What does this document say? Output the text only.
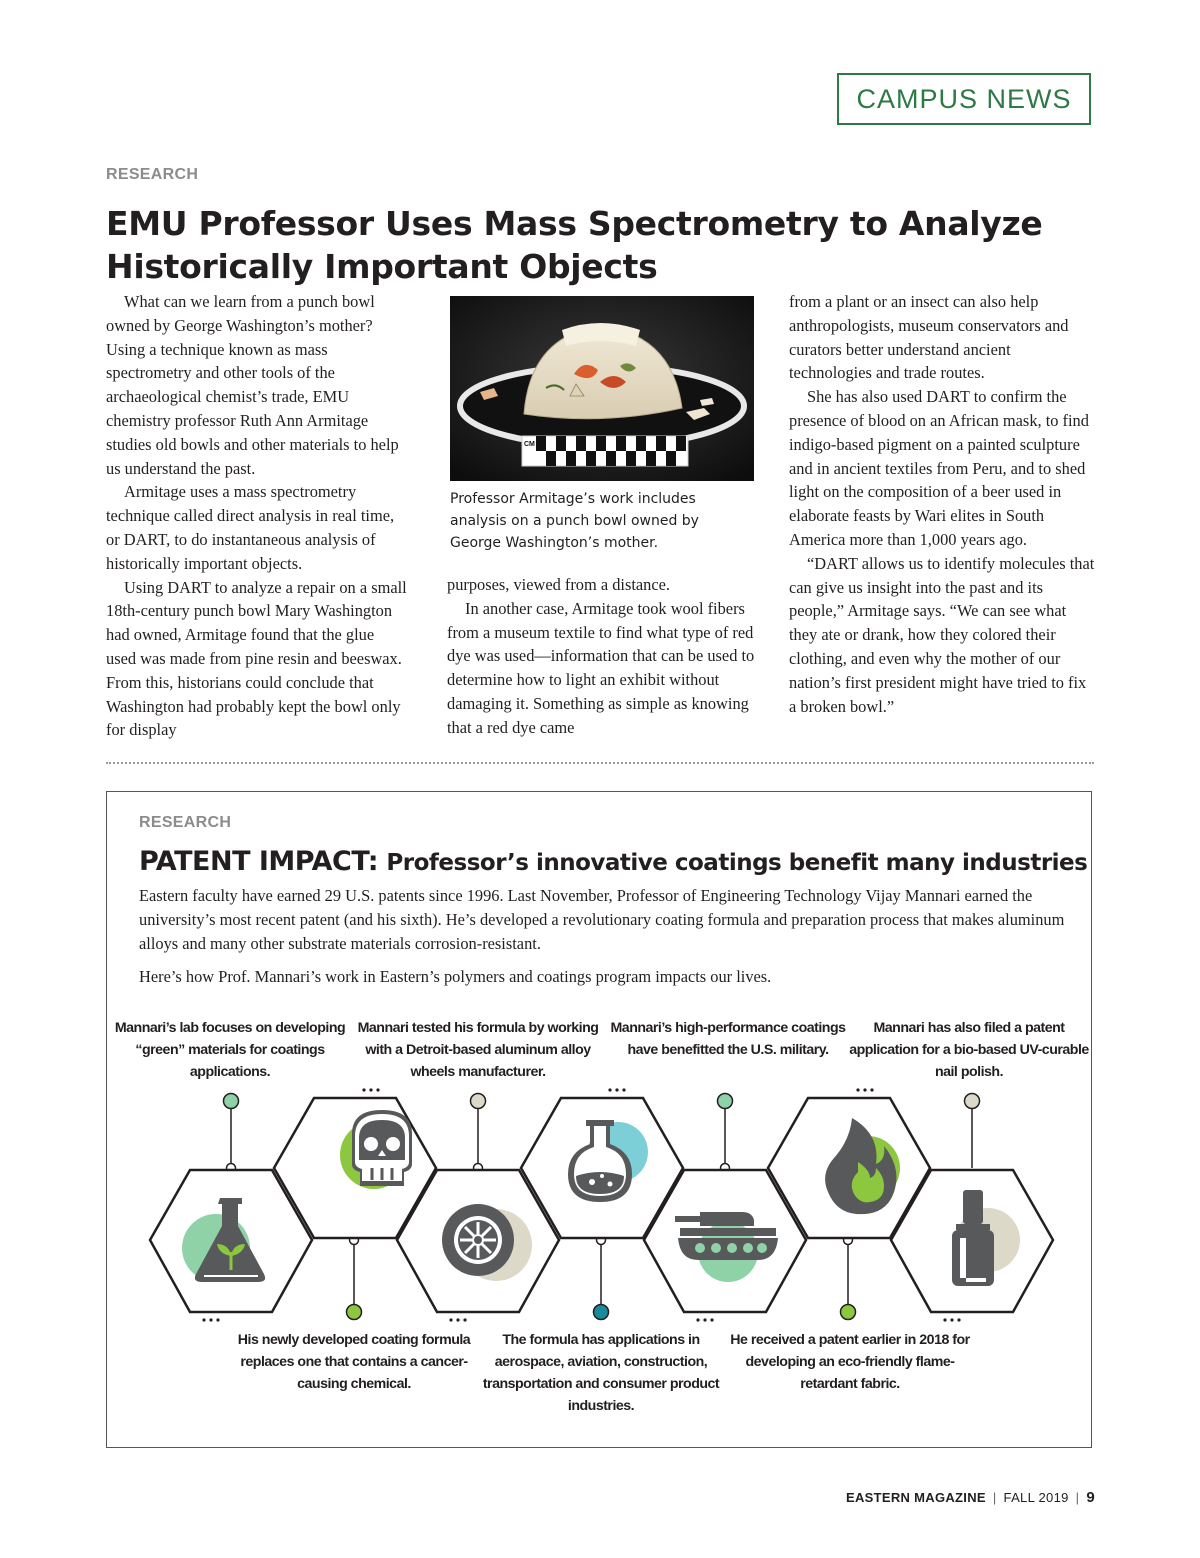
CAMPUS NEWS
RESEARCH
EMU Professor Uses Mass Spectrometry to Analyze Historically Important Objects

What can we learn from a punch bowl owned by George Washington’s mother? Using a technique known as mass spectrometry and other tools of the archaeological chemist’s trade, EMU chemistry professor Ruth Ann Armitage studies old bowls and other materials to help us understand the past.

Armitage uses a mass spectrometry technique called direct analysis in real time, or DART, to do instantaneous analysis of historically important objects.

Using DART to analyze a repair on a small 18th-century punch bowl Mary Washington had owned, Armitage found that the glue used was made from pine resin and beeswax. From this, historians could conclude that Washington had probably kept the bowl only for display

CM
Professor Armitage’s work includes analysis on a punch bowl owned by George Washington’s mother.

purposes, viewed from a distance.

In another case, Armitage took wool fibers from a museum textile to find what type of red dye was used—information that can be used to determine how to light an exhibit without damaging it. Something as simple as knowing that a red dye came

from a plant or an insect can also help anthropologists, museum conservators and curators better understand ancient technologies and trade routes.

She has also used DART to confirm the presence of blood on an African mask, to find indigo-based pigment on a painted sculpture and in ancient textiles from Peru, and to shed light on the composition of a beer used in elaborate feasts by Wari elites in South America more than 1,000 years ago.

“DART allows us to identify molecules that can give us insight into the past and its people,” Armitage says. “We can see what they ate or drank, how they colored their clothing, and even why the mother of our nation’s first president might have tried to fix a broken bowl.”

RESEARCH
PATENT IMPACT: Professor’s innovative coatings benefit many industries

Eastern faculty have earned 29 U.S. patents since 1996. Last November, Professor of Engineering Technology Vijay Mannari earned the university’s most recent patent (and his sixth). He’s developed a revolutionary coating formula and preparation process that makes aluminum alloys and many other substrate materials corrosion-resistant.

Here’s how Prof. Mannari’s work in Eastern’s polymers and coatings program impacts our lives.

Mannari’s lab focuses on developing “green” materials for coatings applications.
Mannari tested his formula by working with a Detroit-based aluminum alloy wheels manufacturer.
Mannari’s high-performance coatings have benefitted the U.S. military.
Mannari has also filed a patent application for a bio-based UV-curable nail polish.
His newly developed coating formula replaces one that contains a cancer-causing chemical.
The formula has applications in aerospace, aviation, construction, transportation and consumer product industries.
He received a patent earlier in 2018 for developing an eco-friendly flame-retardant fabric.
EASTERN MAGAZINE | FALL 2019 | 9
